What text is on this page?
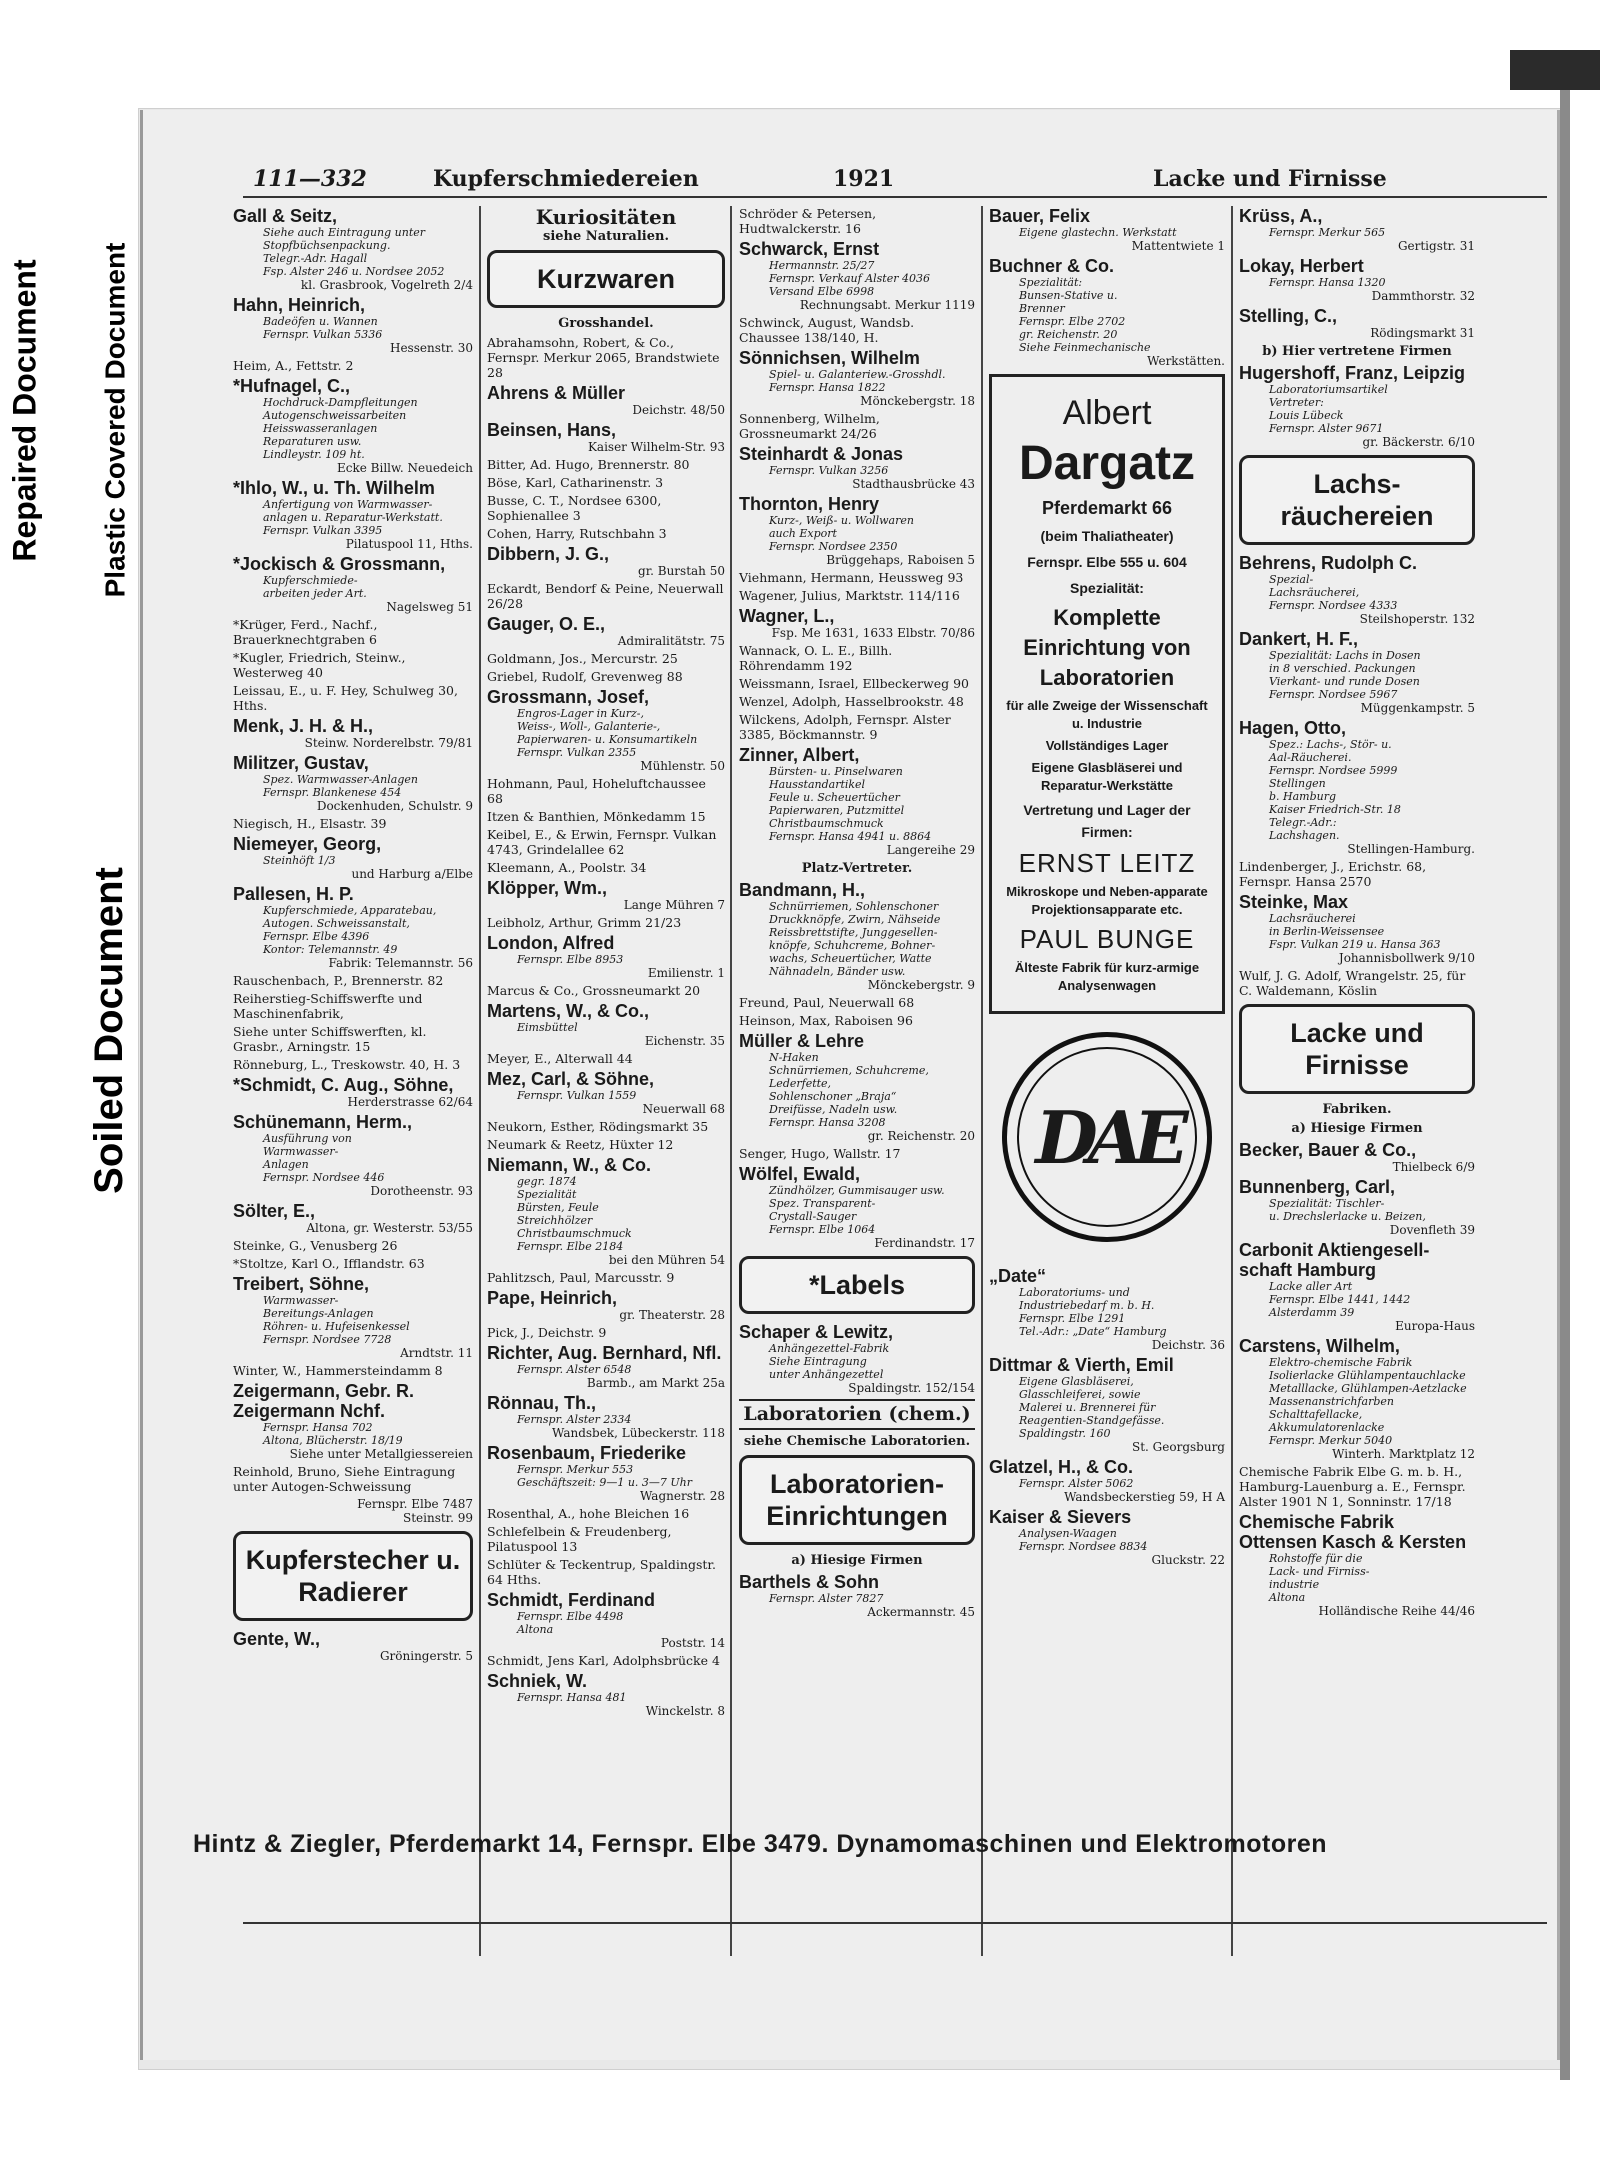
Repaired Document Plastic Covered Document
Soiled Document
111—332	Kupferschmiedereien	1921	Lacke und Firnisse
Gall & Seitz,
Siehe auch Eintragung unter
Stopfbüchsenpackung.
Telegr.-Adr. Hagall
Fsp. Alster 246 u. Nordsee 2052
kl. Grasbrook, Vogelreth 2/4
Hahn, Heinrich,
Badeöfen u. Wannen
Fernspr. Vulkan 5336
Hessenstr. 30
Heim, A., Fettstr. 2
*Hufnagel, C.,
Hochdruck-Dampfleitungen
Autogenschweissarbeiten
Heisswasseranlagen
Reparaturen usw.
Lindleystr. 109 ht.
Ecke Billw. Neuedeich
*Ihlo, W., u. Th. Wilhelm
Anfertigung von Warmwasser-
anlagen u. Reparatur-Werkstatt.
Fernspr. Vulkan 3395
Pilatuspool 11, Hths.
*Jockisch & Grossmann,
Kupferschmiede-
arbeiten jeder Art.
Nagelsweg 51
*Krüger, Ferd., Nachf., Brauerknechtgraben 6
*Kugler, Friedrich, Steinw., Westerweg 40
Leissau, E., u. F. Hey, Schulweg 30, Hths.
Menk, J. H. & H.,
Steinw. Norderelbstr. 79/81
Militzer, Gustav,
Spez. Warmwasser-Anlagen
Fernspr. Blankenese 454
Dockenhuden, Schulstr. 9
Niegisch, H., Elsastr. 39
Niemeyer, Georg,
Steinhöft 1/3
und Harburg a/Elbe
Pallesen, H. P.
Kupferschmiede, Apparatebau,
Autogen. Schweissanstalt,
Fernspr. Elbe 4396
Kontor: Telemannstr. 49
Fabrik: Telemannstr. 56
Rauschenbach, P., Brennerstr. 82
Reiherstieg-Schiffswerfte und Maschinenfabrik,
Siehe unter Schiffswerften, kl. Grasbr., Arningstr. 15
Rönneburg, L., Treskowstr. 40, H. 3
*Schmidt, C. Aug., Söhne,
Herderstrasse 62/64
Schünemann, Herm.,
Ausführung von
Warmwasser-
Anlagen
Fernspr. Nordsee 446
Dorotheenstr. 93
Sölter, E.,
Altona, gr. Westerstr. 53/55
Steinke, G., Venusberg 26
*Stoltze, Karl O., Ifflandstr. 63
Treibert, Söhne,
Warmwasser-
Bereitungs-Anlagen
Röhren- u. Hufeisenkessel
Fernspr. Nordsee 7728
Arndtstr. 11
Winter, W., Hammersteindamm 8
Zeigermann, Gebr. R. Zeigermann Nchf.
Fernspr. Hansa 702
Altona, Blücherstr. 18/19
Siehe unter Metallgiessereien
Reinhold, Bruno, Siehe Eintragung unter Autogen-Schweissung
Fernspr. Elbe 7487
Steinstr. 99
Kupferstecher u. Radierer
Gente, W.,
Gröningerstr. 5
Kuriositäten
siehe Naturalien.
Kurzwaren
Grosshandel.
Abrahamsohn, Robert, & Co., Fernspr. Merkur 2065, Brandstwiete 28
Ahrens & Müller
Deichstr. 48/50
Beinsen, Hans,
Kaiser Wilhelm-Str. 93
Bitter, Ad. Hugo, Brennerstr. 80
Böse, Karl, Catharinenstr. 3
Busse, C. T., Nordsee 6300, Sophienallee 3
Cohen, Harry, Rutschbahn 3
Dibbern, J. G.,
gr. Burstah 50
Eckardt, Bendorf & Peine, Neuerwall 26/28
Gauger, O. E.,
Admiralitätstr. 75
Goldmann, Jos., Mercurstr. 25
Griebel, Rudolf, Grevenweg 88
Grossmann, Josef,
Engros-Lager in Kurz-,
Weiss-, Woll-, Galanterie-,
Papierwaren- u. Konsumartikeln
Fernspr. Vulkan 2355
Mühlenstr. 50
Hohmann, Paul, Hoheluftchaussee 68
Itzen & Banthien, Mönkedamm 15
Keibel, E., & Erwin, Fernspr. Vulkan 4743, Grindelallee 62
Kleemann, A., Poolstr. 34
Klöpper, Wm.,
Lange Mühren 7
Leibholz, Arthur, Grimm 21/23
London, Alfred
Fernspr. Elbe 8953
Emilienstr. 1
Marcus & Co., Grossneumarkt 20
Martens, W., & Co.,
Eimsbüttel
Eichenstr. 35
Meyer, E., Alterwall 44
Mez, Carl, & Söhne,
Fernspr. Vulkan 1559
Neuerwall 68
Neukorn, Esther, Rödingsmarkt 35
Neumark & Reetz, Hüxter 12
Niemann, W., & Co.
gegr. 1874
Spezialität
Bürsten, Feule
Streichhölzer
Christbaumschmuck
Fernspr. Elbe 2184
bei den Mühren 54
Pahlitzsch, Paul, Marcusstr. 9
Pape, Heinrich,
gr. Theaterstr. 28
Pick, J., Deichstr. 9
Richter, Aug. Bernhard, Nfl.
Fernspr. Alster 6548
Barmb., am Markt 25a
Rönnau, Th.,
Fernspr. Alster 2334
Wandsbek, Lübeckerstr. 118
Rosenbaum, Friederike
Fernspr. Merkur 553
Geschäftszeit: 9—1 u. 3—7 Uhr
Wagnerstr. 28
Rosenthal, A., hohe Bleichen 16
Schlefelbein & Freudenberg, Pilatuspool 13
Schlüter & Teckentrup, Spaldingstr. 64 Hths.
Schmidt, Ferdinand
Fernspr. Elbe 4498
Altona
Poststr. 14
Schmidt, Jens Karl, Adolphsbrücke 4
Schniek, W.
Fernspr. Hansa 481
Winckelstr. 8
Schröder & Petersen, Hudtwalckerstr. 16
Schwarck, Ernst
Hermannstr. 25/27
Fernspr. Verkauf Alster 4036
Versand Elbe 6998
Rechnungsabt. Merkur 1119
Schwinck, August, Wandsb. Chaussee 138/140, H.
Sönnichsen, Wilhelm
Spiel- u. Galanteriew.-Grosshdl.
Fernspr. Hansa 1822
Mönckebergstr. 18
Sonnenberg, Wilhelm, Grossneumarkt 24/26
Steinhardt & Jonas
Fernspr. Vulkan 3256
Stadthausbrücke 43
Thornton, Henry
Kurz-, Weiß- u. Wollwaren
auch Export
Fernspr. Nordsee 2350
Brüggehaps, Raboisen 5
Viehmann, Hermann, Heussweg 93
Wagener, Julius, Marktstr. 114/116
Wagner, L.,
Fsp. Me 1631, 1633 Elbstr. 70/86
Wannack, O. L. E., Billh. Röhrendamm 192
Weissmann, Israel, Ellbeckerweg 90
Wenzel, Adolph, Hasselbrookstr. 48
Wilckens, Adolph, Fernspr. Alster 3385, Böckmannstr. 9
Zinner, Albert,
Bürsten- u. Pinselwaren
Hausstandartikel
Feule u. Scheuertücher
Papierwaren, Putzmittel
Christbaumschmuck
Fernspr. Hansa 4941 u. 8864
Langereihe 29
Platz-Vertreter.
Bandmann, H.,
Schnürriemen, Sohlenschoner
Druckknöpfe, Zwirn, Nähseide
Reissbrettstifte, Junggesellen-
knöpfe, Schuhcreme, Bohner-
wachs, Scheuertücher, Watte
Nähnadeln, Bänder usw.
Mönckebergstr. 9
Freund, Paul, Neuerwall 68
Heinson, Max, Raboisen 96
Müller & Lehre
N-Haken
Schnürriemen, Schuhcreme,
Lederfette,
Sohlenschoner „Braja“
Dreifüsse, Nadeln usw.
Fernspr. Hansa 3208
gr. Reichenstr. 20
Senger, Hugo, Wallstr. 17
Wölfel, Ewald,
Zündhölzer, Gummisauger usw.
Spez. Transparent-
Crystall-Sauger
Fernspr. Elbe 1064
Ferdinandstr. 17
*Labels
Schaper & Lewitz,
Anhängezettel-Fabrik
Siehe Eintragung
unter Anhängezettel
Spaldingstr. 152/154
Laboratorien (chem.)
siehe Chemische Laboratorien.
Laboratorien-Einrichtungen
a) Hiesige Firmen
Barthels & Sohn
Fernspr. Alster 7827
Ackermannstr. 45
Bauer, Felix
Eigene glastechn. Werkstatt
Mattentwiete 1
Buchner & Co.
Spezialität:
Bunsen-Stative u.
Brenner
Fernspr. Elbe 2702
gr. Reichenstr. 20
Siehe Feinmechanische
Werkstätten.
Albert
Dargatz
Pferdemarkt 66
(beim Thaliatheater)
Fernspr. Elbe 555 u. 604
Spezialität:
Komplette Einrichtung von Laboratorien
für alle Zweige der Wissenschaft u. Industrie
Vollständiges Lager
Eigene Glasbläserei und Reparatur-Werkstätte
Vertretung und Lager der Firmen:
ERNST LEITZ
Mikroskope und Neben-apparate Projektionsapparate etc.
PAUL BUNGE
Älteste Fabrik für kurz-armige Analysenwagen
DAE
„Date“
Laboratoriums- und
Industriebedarf m. b. H.
Fernspr. Elbe 1291
Tel.-Adr.: „Date“ Hamburg
Deichstr. 36
Dittmar & Vierth, Emil
Eigene Glasbläserei,
Glasschleiferei, sowie
Malerei u. Brennerei für
Reagentien-Standgefässe.
Spaldingstr. 160
St. Georgsburg
Glatzel, H., & Co.
Fernspr. Alster 5062
Wandsbeckerstieg 59, H A
Kaiser & Sievers
Analysen-Waagen
Fernspr. Nordsee 8834
Gluckstr. 22
Krüss, A.,
Fernspr. Merkur 565
Gertigstr. 31
Lokay, Herbert
Fernspr. Hansa 1320
Dammthorstr. 32
Stelling, C.,
Rödingsmarkt 31
b) Hier vertretene Firmen
Hugershoff, Franz, Leipzig
Laboratoriumsartikel
Vertreter:
Louis Lübeck
Fernspr. Alster 9671
gr. Bäckerstr. 6/10
Lachs-räuchereien
Behrens, Rudolph C.
Spezial-
Lachsräucherei,
Fernspr. Nordsee 4333
Steilshoperstr. 132
Dankert, H. F.,
Spezialität: Lachs in Dosen
in 8 verschied. Packungen
Vierkant- und runde Dosen
Fernspr. Nordsee 5967
Müggenkampstr. 5
Hagen, Otto,
Spez.: Lachs-, Stör- u.
Aal-Räucherei.
Fernspr. Nordsee 5999
Stellingen
b. Hamburg
Kaiser Friedrich-Str. 18
Telegr.-Adr.:
Lachshagen.
Stellingen-Hamburg.
Lindenberger, J., Erichstr. 68, Fernspr. Hansa 2570
Steinke, Max
Lachsräucherei
in Berlin-Weissensee
Fspr. Vulkan 219 u. Hansa 363
Johannisbollwerk 9/10
Wulf, J. G. Adolf, Wrangelstr. 25, für C. Waldemann, Köslin
Lacke und Firnisse
Fabriken.
a) Hiesige Firmen
Becker, Bauer & Co.,
Thielbeck 6/9
Bunnenberg, Carl,
Spezialität: Tischler-
u. Drechslerlacke u. Beizen,
Dovenfleth 39
Carbonit Aktiengesell-schaft Hamburg
Lacke aller Art
Fernspr. Elbe 1441, 1442
Alsterdamm 39
Europa-Haus
Carstens, Wilhelm,
Elektro-chemische Fabrik
Isolierlacke Glühlampentauchlacke
Metalllacke, Glühlampen-Aetzlacke
Massenanstrichfarben
Schalttafellacke,
Akkumulatorenlacke
Fernspr. Merkur 5040
Winterh. Marktplatz 12
Chemische Fabrik Elbe G. m. b. H., Hamburg-Lauenburg a. E., Fernspr. Alster 1901 N 1, Sonninstr. 17/18
Chemische Fabrik Ottensen Kasch & Kersten
Rohstoffe für die
Lack- und Firniss-
industrie
Altona
Holländische Reihe 44/46
Hintz & Ziegler, Pferdemarkt 14, Fernspr. Elbe 3479. Dynamomaschinen und Elektromotoren
